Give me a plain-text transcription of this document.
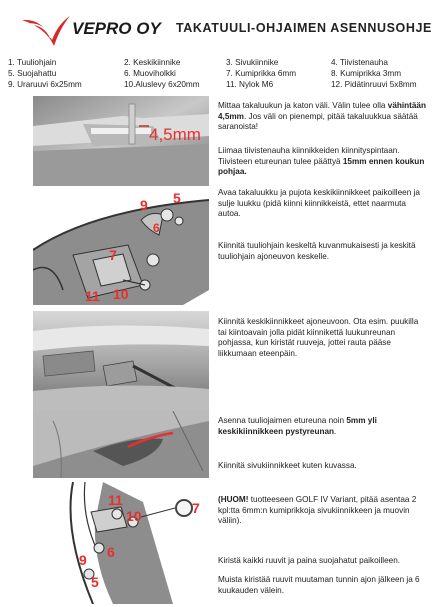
VEPRO OY TAKATUULI-OHJAIMEN ASENNUSOHJE
1. Tuuliohjain	2. Keskikiinnike	3. Sivukiinnike	4. Tiivistenauha
5. Suojahattu	6. Muoviholkki	7. Kumiprikka 6mm	8. Kumiprikka 3mm
9. Uraruuvi 6x25mm	10.Aluslevy 6x20mm	11. Nylok M6	12. Pidätinruuvi 5x8mm
4,5mm
9 5
6
7
11 10
11	7
10
9 6
5
Mittaa takaluukun ja katon väli. Välin tulee olla vähintään 4,5mm. Jos väli on pienempi, pitää takaluukkua säätää saranoista!
Liimaa tiivistenauha kiinnikkeiden kiinnityspintaan. Tiivisteen etureunan tulee päättyä 15mm ennen koukun pohjaa.
Avaa takaluukku ja pujota keskikiinnikkeet paikoilleen ja sulje luukku (pidä kiinni kiinnikkeistä, ettet naarmuta autoa.
Kiinnitä tuuliohjain keskeltä kuvanmukaisesti ja keskitä tuuliohjain ajoneuvon keskelle.
Kiinnitä keskikiinnikkeet ajoneuvoon. Ota esim. puukilla tai kiintoavain jolla pidät kiinnikettä luukunreunan pohjassa, kun kiristät ruuveja, jottei rauta pääse liikkumaan eteenpäin.
Asenna tuuliojaimen etureuna noin 5mm yli keskikiinnikkeen pystyreunan.
Kiinnitä sivukiinnikkeet kuten kuvassa.
(HUOM! tuotteeseen GOLF IV Variant, pitää asentaa 2 kpl:tta 6mm:n kumiprikkoja sivukiinnikkeen ja muovin väliin).
Kiristä kaikki ruuvit ja paina suojahatut paikoilleen.
Muista kiristää ruuvit muutaman tunnin ajon jälkeen ja 6 kuukauden välein.
